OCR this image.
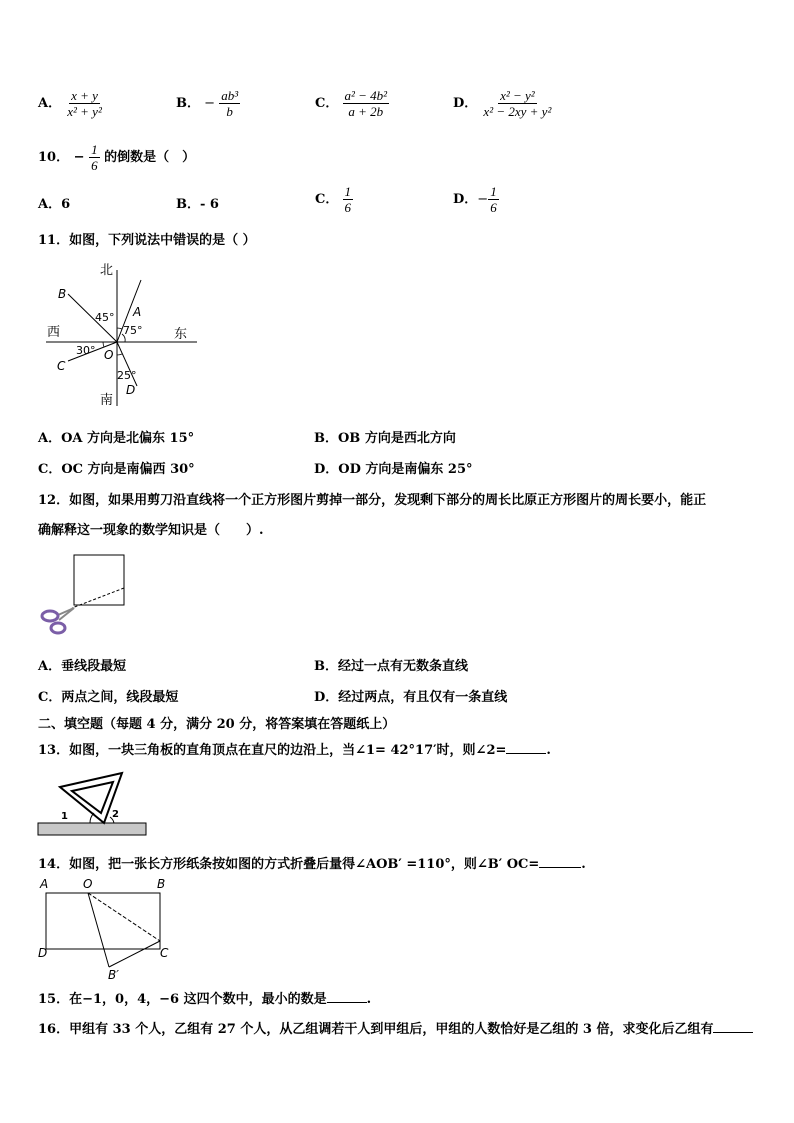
A． $\frac{x + y}{\text{x² + y²}}$	B． − $\frac{\text{ab³}}{b}$	C． $\frac{\text{a² − 4b²}}{a + 2b}$	D． $\frac{\text{x² − y²}}{\text{x² − 2xy + y²}}$
10． − $\frac{1}{6}$ 的倒数是（　）
A．6	B．- 6	C． $\frac{1}{6}$	D．− $\frac{1}{6}$
11．如图，下列说法中错误的是（ ）
北
南
西	东
A
B
C
D
O
45°
75°
30°
25°
A．OA 方向是北偏东 15°	B．OB 方向是西北方向
C．OC 方向是南偏西 30°	D．OD 方向是南偏东 25°
12．如图，如果用剪刀沿直线将一个正方形图片剪掉一部分，发现剩下部分的周长比原正方形图片的周长要小，能正
确解释这一现象的数学知识是（　　）.
A．垂线段最短	B．经过一点有无数条直线
C．两点之间，线段最短	D．经过两点，有且仅有一条直线
二、填空题（每题 4 分，满分 20 分，将答案填在答题纸上）
13．如图，一块三角板的直角顶点在直尺的边沿上，当∠1= 42°17′时，则∠2=	.
1	2
14．如图，把一张长方形纸条按如图的方式折叠后量得∠AOB′ =110°，则∠B′ OC=	.
A	O	B
D	C
B′
15．在−1，0，4，−6 这四个数中，最小的数是	.
16．甲组有 33 个人，乙组有 27 个人，从乙组调若干人到甲组后，甲组的人数恰好是乙组的 3 倍，求变化后乙组有
